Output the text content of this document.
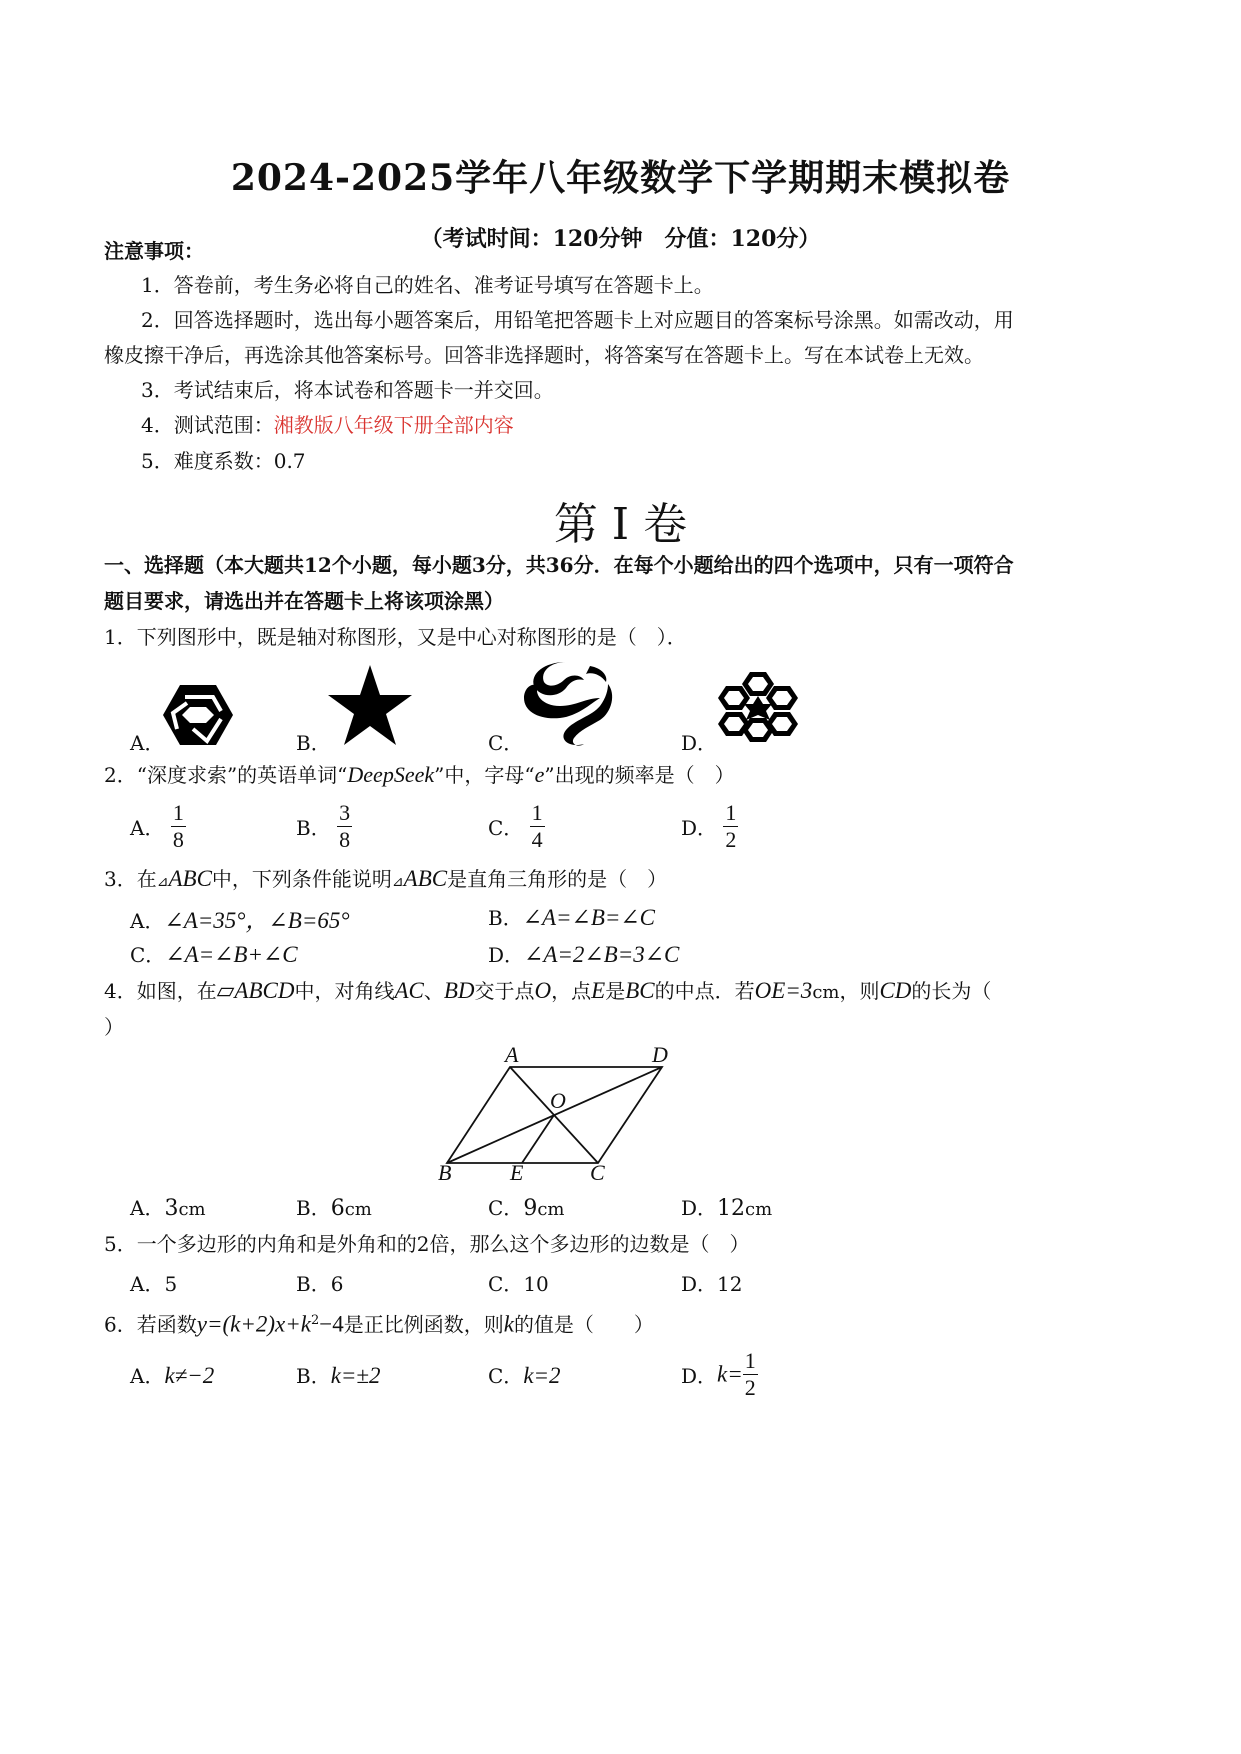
2024-2025学年八年级数学下学期期末模拟卷
（考试时间：120分钟　分值：120分）
注意事项：
1．答卷前，考生务必将自己的姓名、准考证号填写在答题卡上。
2．回答选择题时，选出每小题答案后，用铅笔把答题卡上对应题目的答案标号涂黑。如需改动，用
橡皮擦干净后，再选涂其他答案标号。回答非选择题时，将答案写在答题卡上。写在本试卷上无效。
3．考试结束后，将本试卷和答题卡一并交回。
4．测试范围：湘教版八年级下册全部内容
5．难度系数：0.7
第 I 卷
一、选择题（本大题共12个小题，每小题3分，共36分．在每个小题给出的四个选项中，只有一项符合
题目要求，请选出并在答题卡上将该项涂黑）
1．下列图形中，既是轴对称图形，又是中心对称图形的是（　）．
A．	B．	C．	D．
2．“深度求索”的英语单词“DeepSeek”中，字母“e”出现的频率是（　）
A． $\frac{1}{8}$	B． $\frac{3}{8}$	C． $\frac{1}{4}$	D． $\frac{1}{2}$
3．在⊿ABC中，下列条件能说明⊿ABC是直角三角形的是（　）
A．∠A=35°，∠B=65°	B．∠A=∠B=∠C
C．∠A=∠B+∠C	D．∠A=2∠B=3∠C
4．如图，在▱ABCD中，对角线AC、BD交于点O，点E是BC的中点．若OE=3cm，则CD的长为（
）
A	D
O
B	E	C
A．3cm	B．6cm	C．9cm	D．12cm
5．一个多边形的内角和是外角和的2倍，那么这个多边形的边数是（　）
A．5	B．6	C．10	D．12
6．若函数$y=(k+2)x+k^2-4$是正比例函数，则k的值是（　　）
A．k≠−2	B．k=±2	C．k=2	D．$k= \frac{1}{2}$
